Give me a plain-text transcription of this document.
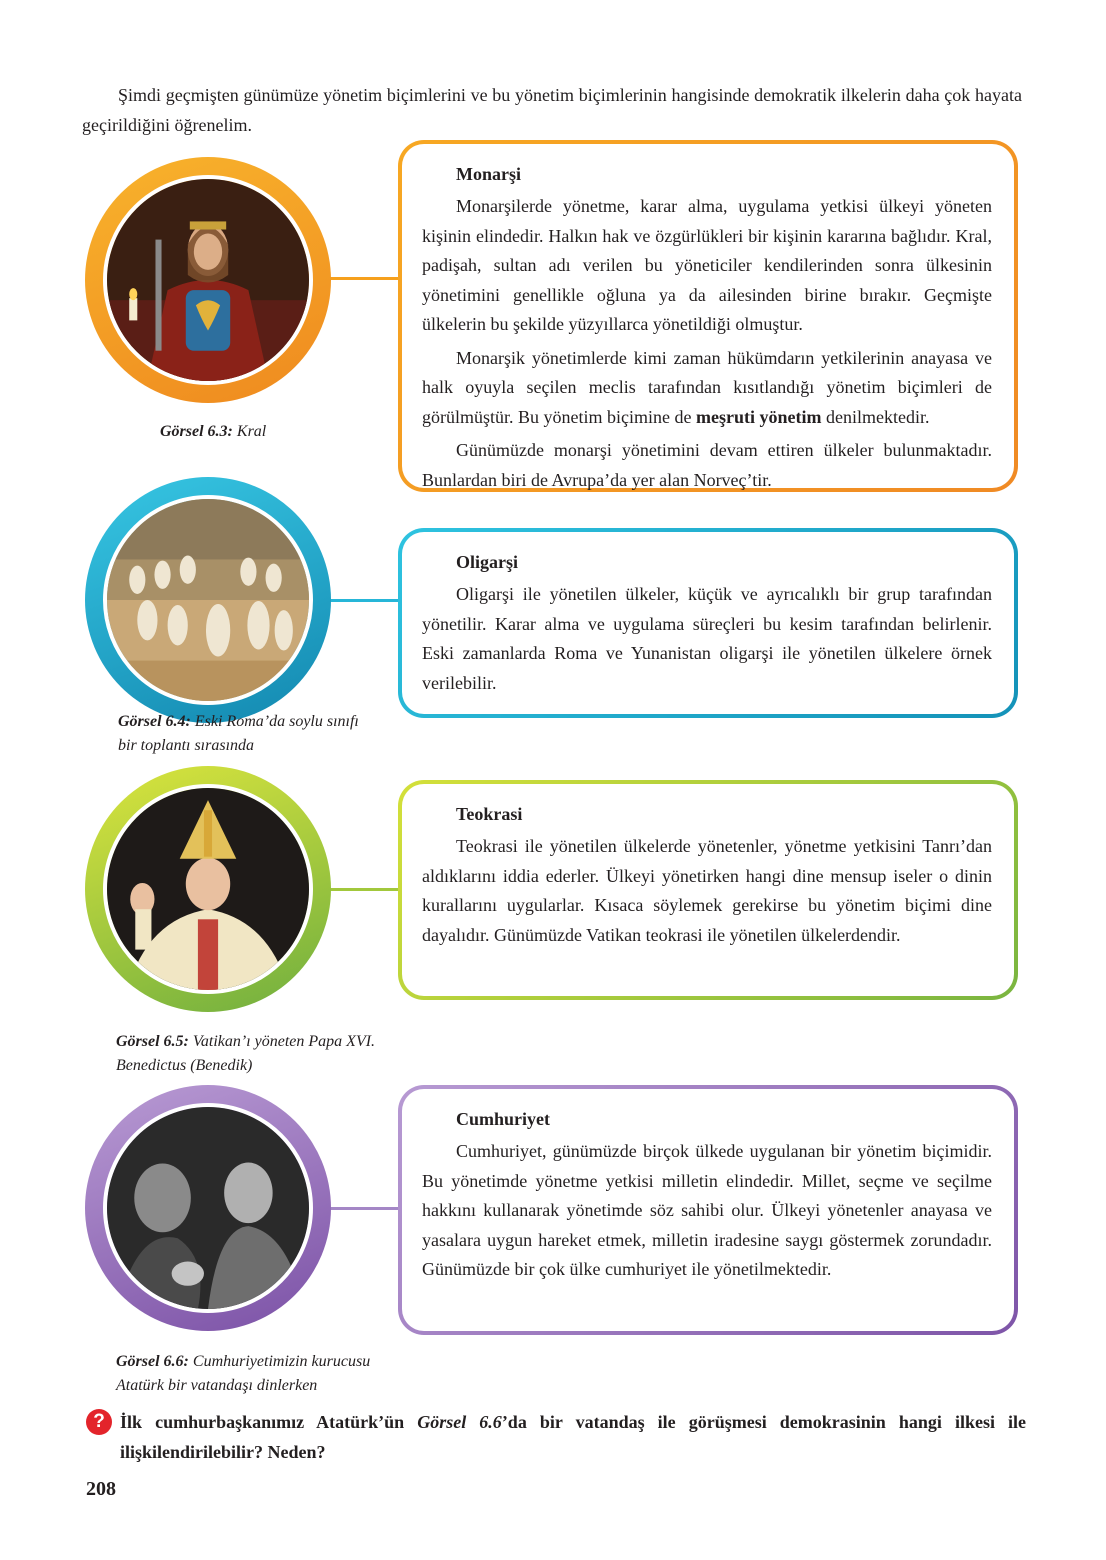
Şimdi geçmişten günümüze yönetim biçimlerini ve bu yönetim biçimlerinin hangisinde demokratik ilkelerin daha çok hayata geçirildiğini öğrenelim.

Monarşi

Monarşilerde yönetme, karar alma, uygulama yetkisi ülkeyi yöneten kişinin elindedir. Halkın hak ve özgürlükleri bir kişinin kararına bağlıdır. Kral, padişah, sultan adı verilen bu yöneticiler kendilerinden sonra ülkesinin yönetimini genellikle oğluna ya da ailesinden birine bırakır. Geçmişte ülkelerin bu şekilde yüzyıllarca yönetildiği olmuştur.

Monarşik yönetimlerde kimi zaman hükümdarın yetkilerinin anayasa ve halk oyuyla seçilen meclis tarafından kısıtlandığı yönetim biçimleri de görülmüştür. Bu yönetim biçimine de meşruti yönetim denilmektedir.

Günümüzde monarşi yönetimini devam ettiren ülkeler bulunmaktadır. Bunlardan biri de Avrupa’da yer alan Norveç’tir.

Oligarşi

Oligarşi ile yönetilen ülkeler, küçük ve ayrıcalıklı bir grup tarafından yönetilir. Karar alma ve uygulama süreçleri bu kesim tarafından belirlenir. Eski zamanlarda Roma ve Yunanistan oligarşi ile yönetilen ülkelere örnek verilebilir.

Teokrasi

Teokrasi ile yönetilen ülkelerde yönetenler, yönetme yetkisini Tanrı’dan aldıklarını iddia ederler. Ülkeyi yönetirken hangi dine mensup iseler o dinin kurallarını uygularlar. Kısaca söylemek gerekirse bu yönetim biçimi dine dayalıdır. Günümüzde Vatikan teokrasi ile yönetilen ülkelerdendir.

Cumhuriyet

Cumhuriyet, günümüzde birçok ülkede uygulanan bir yönetim biçimidir. Bu yönetimde yönetme yetkisi milletin elindedir. Millet, seçme ve seçilme hakkını kullanarak yönetimde söz sahibi olur. Ülkeyi yönetenler anayasa ve yasalara uygun hareket etmek, milletin iradesine saygı göstermek zorundadır. Günümüzde bir çok ülke cumhuriyet ile yönetilmektedir.

Görsel 6.3: Kral
Görsel 6.4: Eski Roma’da soylu sınıfı bir toplantı sırasında
Görsel 6.5: Vatikan’ı yöneten Papa XVI. Benedictus (Benedik)
Görsel 6.6: Cumhuriyetimizin kurucusu Atatürk bir vatandaşı dinlerken
? İlk cumhurbaşkanımız Atatürk’ün Görsel 6.6’da bir vatandaş ile görüşmesi demokrasinin hangi ilkesi ile ilişkilendirilebilir? Neden?
208
